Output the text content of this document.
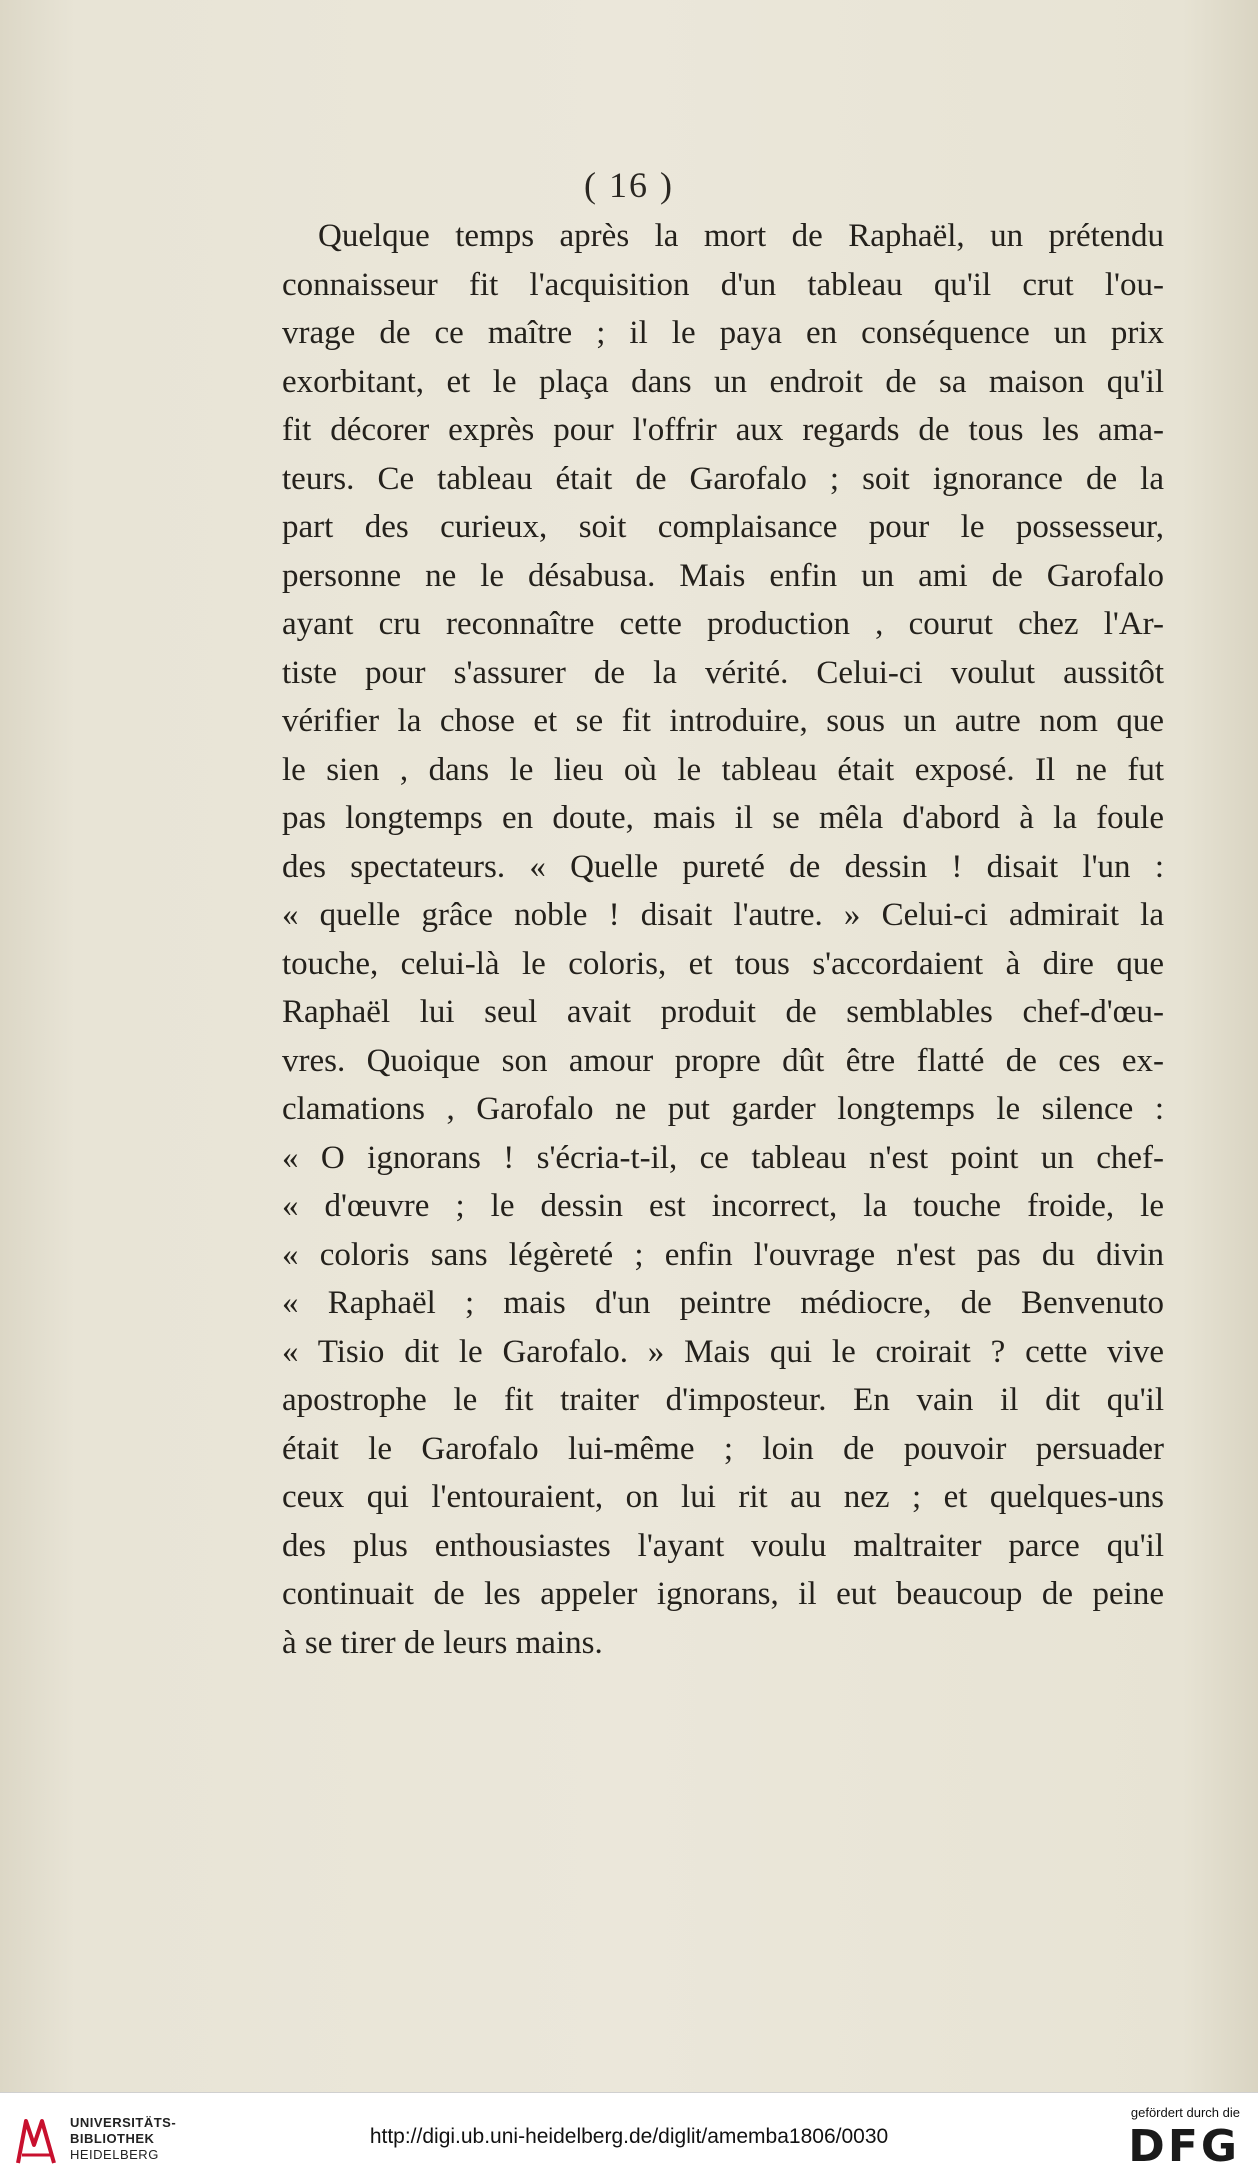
( 16 )
Quelque temps après la mort de Raphaël, un prétendu
connaisseur fit l'acquisition d'un tableau qu'il crut l'ou-
vrage de ce maître ; il le paya en conséquence un prix
exorbitant, et le plaça dans un endroit de sa maison qu'il
fit décorer exprès pour l'offrir aux regards de tous les ama-
teurs. Ce tableau était de Garofalo ; soit ignorance de la
part des curieux, soit complaisance pour le possesseur,
personne ne le désabusa. Mais enfin un ami de Garofalo
ayant cru reconnaître cette production , courut chez l'Ar-
tiste pour s'assurer de la vérité. Celui-ci voulut aussitôt
vérifier la chose et se fit introduire, sous un autre nom que
le sien , dans le lieu où le tableau était exposé. Il ne fut
pas longtemps en doute, mais il se mêla d'abord à la foule
des spectateurs. « Quelle pureté de dessin ! disait l'un :
« quelle grâce noble ! disait l'autre. » Celui-ci admirait la
touche, celui-là le coloris, et tous s'accordaient à dire que
Raphaël lui seul avait produit de semblables chef-d'œu-
vres. Quoique son amour propre dût être flatté de ces ex-
clamations , Garofalo ne put garder longtemps le silence :
« O ignorans ! s'écria-t-il, ce tableau n'est point un chef-
« d'œuvre ; le dessin est incorrect, la touche froide, le
« coloris sans légèreté ; enfin l'ouvrage n'est pas du divin
« Raphaël ; mais d'un peintre médiocre, de Benvenuto
« Tisio dit le Garofalo. » Mais qui le croirait ? cette vive
apostrophe le fit traiter d'imposteur. En vain il dit qu'il
était le Garofalo lui-même ; loin de pouvoir persuader
ceux qui l'entouraient, on lui rit au nez ; et quelques-uns
des plus enthousiastes l'ayant voulu maltraiter parce qu'il
continuait de les appeler ignorans, il eut beaucoup de peine
à se tirer de leurs mains.
UNIVERSITÄTS-
BIBLIOTHEK
HEIDELBERG
http://digi.ub.uni-heidelberg.de/diglit/amemba1806/0030
gefördert durch die
DFG
